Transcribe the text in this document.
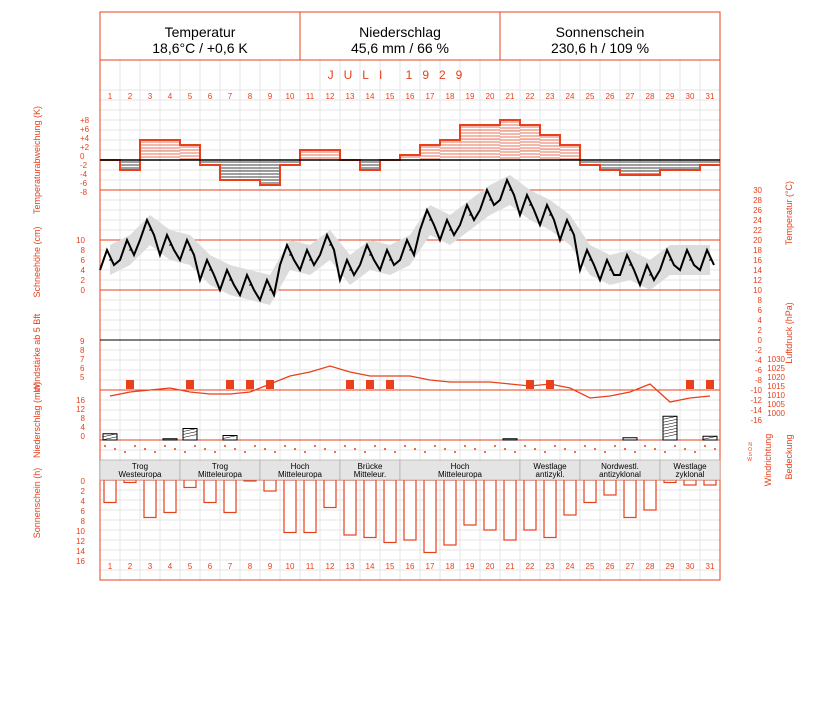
Temperatur
18,6°C / +0,6 K
Niederschlag
45,6 mm / 66 %
Sonnenschein
230,6 h / 109 %
JULI 1929
1
1
2
2
3
3
4
4
5
5
6
6
7
7
8
8
9
9
10
10
11
11
12
12
13
13
14
14
15
15
16
16
17
17
18
18
19
19
20
20
21
21
22
22
23
23
24
24
25
25
26
26
27
27
28
28
29
29
30
30
31
31
+8
+6
+4
+2
0
-2
-4
-6
-8
10
8
6
4
2
0
9
8
7
6
5
16
12
8
4
0
0
2
4
6
8
10
12
14
16
30
28
26
24
22
20
18
16
14
12
10
8
6
4
2
0
-2
-4
-6
-8
-10
-12
-14
-16
1030
1025
1020
1015
1010
1005
1000
N
O
S
W
Trog
Westeuropa
Trog
Mitteleuropa
Hoch
Mitteleuropa
Brücke
Mitteleur.
Hoch
Mitteleuropa
Westlage
antizykl.
Nordwestl.
antizyklonal
Westlage
zyklonal
Temperaturabweichung (K)
Schneehöhe (cm)
Windstärke ab 5 Bft
Niederschlag (mm)
Sonnenschein (h)
Temperatur (°C)
Luftdruck (hPa)
Windrichtung Bedeckung
